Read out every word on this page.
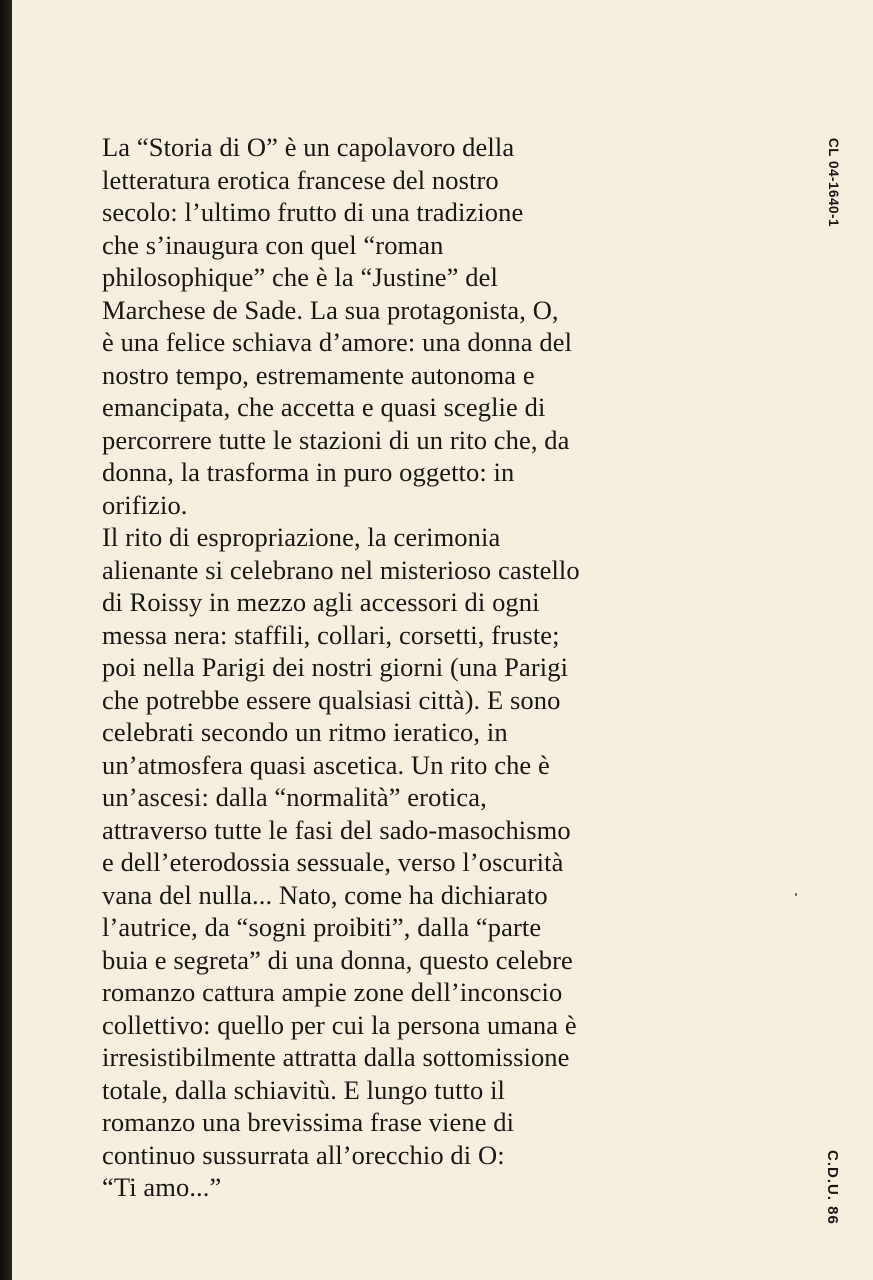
La “Storia di O” è un capolavoro della
letteratura erotica francese del nostro
secolo: l’ultimo frutto di una tradizione
che s’inaugura con quel “roman
philosophique” che è la “Justine” del
Marchese de Sade. La sua protagonista, O,
è una felice schiava d’amore: una donna del
nostro tempo, estremamente autonoma e
emancipata, che accetta e quasi sceglie di
percorrere tutte le stazioni di un rito che, da
donna, la trasforma in puro oggetto: in
orifizio.
Il rito di espropriazione, la cerimonia
alienante si celebrano nel misterioso castello
di Roissy in mezzo agli accessori di ogni
messa nera: staffili, collari, corsetti, fruste;
poi nella Parigi dei nostri giorni (una Parigi
che potrebbe essere qualsiasi città). E sono
celebrati secondo un ritmo ieratico, in
un’atmosfera quasi ascetica. Un rito che è
un’ascesi: dalla “normalità” erotica,
attraverso tutte le fasi del sado-masochismo
e dell’eterodossia sessuale, verso l’oscurità
vana del nulla... Nato, come ha dichiarato
l’autrice, da “sogni proibiti”, dalla “parte
buia e segreta” di una donna, questo celebre
romanzo cattura ampie zone dell’inconscio
collettivo: quello per cui la persona umana è
irresistibilmente attratta dalla sottomissione
totale, dalla schiavitù. E lungo tutto il
romanzo una brevissima frase viene di
continuo sussurrata all’orecchio di O:
“Ti amo...”
CL 04-1640-1
C.D.U. 86
